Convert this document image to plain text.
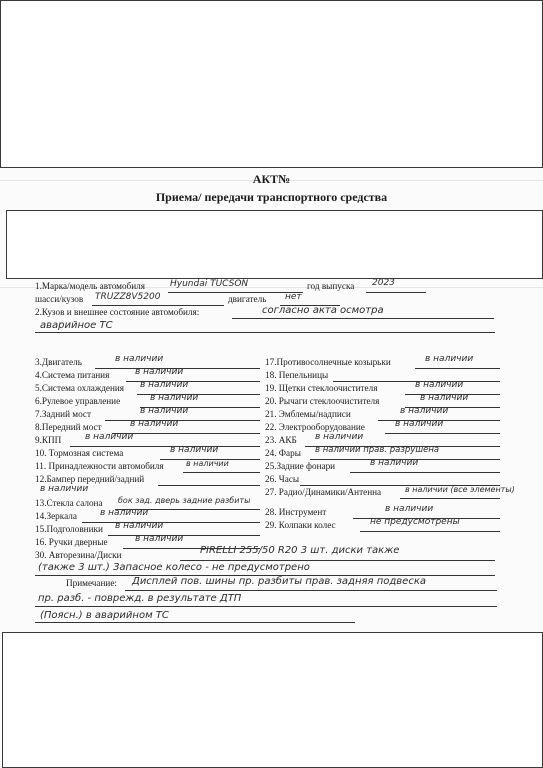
АКТ№
Приема/ передачи транспортного средства
1.Марка/модель автомобиля	Hyundai TUCSON	год выпуска 2023
шасси/кузов TRUZZ8V5200	двигатель нет
2.Кузов и внешнее состояние автомобиля:	согласно акта осмотра
аварийное ТС
3.Двигатель	в наличии
4.Система питания	в наличии
5.Система охлаждения в наличии
6.Рулевое управление	в наличии
7.Задний мост	в наличии
8.Передний мост	в наличии
9.КПП	в наличии
10. Тормозная система	в наличии
11. Принадлежности автомобиля	в наличии
12.Бампер передний/задний
в наличии
13.Стекла салона бок зад. дверь задние разбиты
14.Зеркала	в наличии
15.Подголовники в наличии
16. Ручки дверные	в наличии
17.Противосолнечные козырьки	в наличии
18. Пепельницы
19. Щетки стеклоочистителя	в наличии
20. Рычаги стеклоочистителя	в наличии
21. Эмблемы/надписи	в наличии
22. Электрооборудование	в наличии
23. АКБ в наличии
24. Фары в наличии прав. разрушена
25.Задние фонари	в наличии
26. Часы
27. Радио/Динамики/Антенна	в наличии (все элементы)
28. Инструмент	в наличии
29. Колпаки колес	не предусмотрены
30. Авторезина/Диски	PIRELLI 255/50 R20 3 шт. диски также
(также 3 шт.) Запасное колесо - не предусмотрено
Примечание: Дисплей пов. шины пр. разбиты прав. задняя подвеска
пр. разб. - поврежд. в результате ДТП
(Поясн.) в аварийном ТС
